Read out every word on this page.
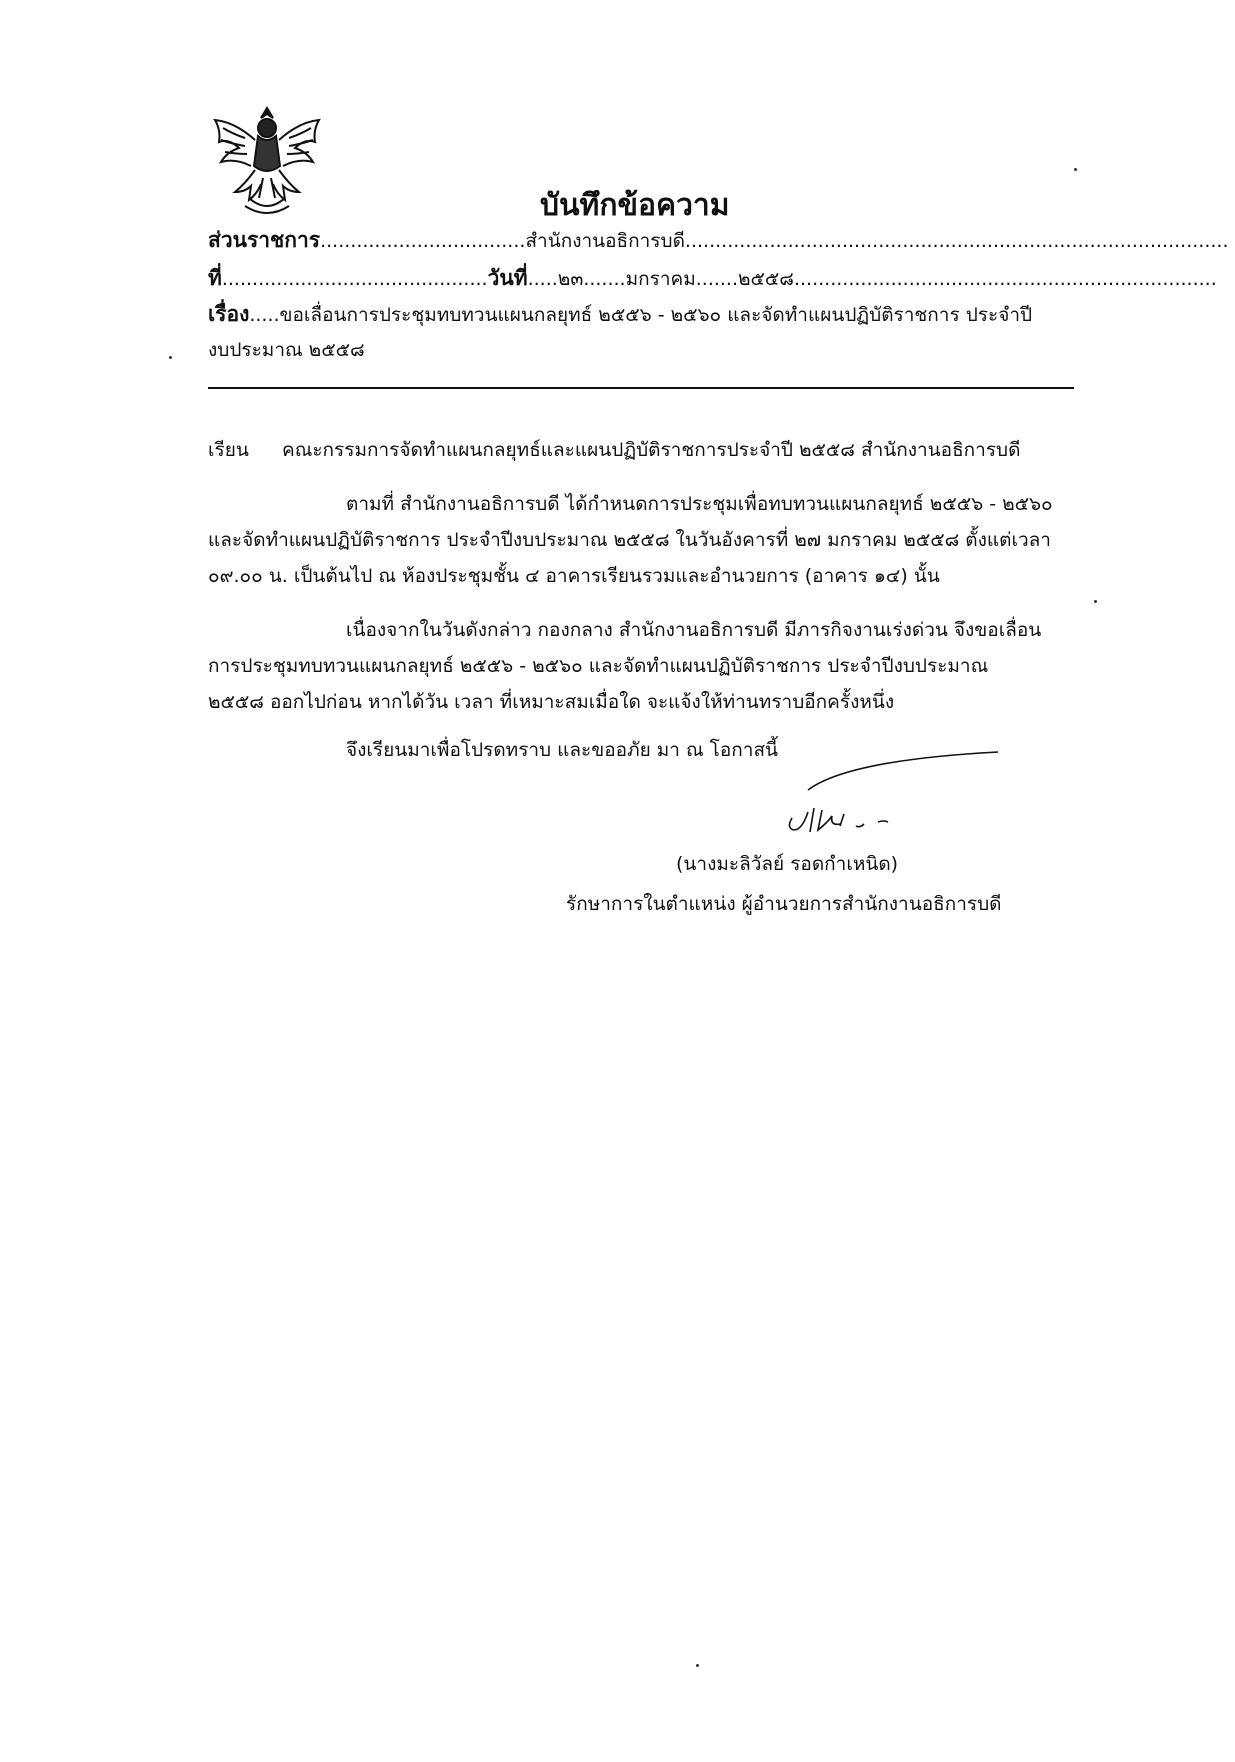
บันทึกข้อความ
ส่วนราชการ..................................สำนักงานอธิการบดี..........................................................................................
ที่............................................วันที่.....๒๓.......มกราคม.......๒๕๕๘......................................................................
เรื่อง.....ขอเลื่อนการประชุมทบทวนแผนกลยุทธ์ ๒๕๕๖ - ๒๕๖๐ และจัดทำแผนปฏิบัติราชการ ประจำปี
งบประมาณ ๒๕๕๘
เรียน คณะกรรมการจัดทำแผนกลยุทธ์และแผนปฏิบัติราชการประจำปี ๒๕๕๘ สำนักงานอธิการบดี
ตามที่ สำนักงานอธิการบดี ได้กำหนดการประชุมเพื่อทบทวนแผนกลยุทธ์ ๒๕๕๖ - ๒๕๖๐
และจัดทำแผนปฏิบัติราชการ ประจำปีงบประมาณ ๒๕๕๘ ในวันอังคารที่ ๒๗ มกราคม ๒๕๕๘ ตั้งแต่เวลา
๐๙.๐๐ น. เป็นต้นไป ณ ห้องประชุมชั้น ๔ อาคารเรียนรวมและอำนวยการ (อาคาร ๑๔) นั้น
เนื่องจากในวันดังกล่าว กองกลาง สำนักงานอธิการบดี มีภารกิจงานเร่งด่วน จึงขอเลื่อน
การประชุมทบทวนแผนกลยุทธ์ ๒๕๕๖ - ๒๕๖๐ และจัดทำแผนปฏิบัติราชการ ประจำปีงบประมาณ
๒๕๕๘ ออกไปก่อน หากได้วัน เวลา ที่เหมาะสมเมื่อใด จะแจ้งให้ท่านทราบอีกครั้งหนึ่ง
จึงเรียนมาเพื่อโปรดทราบ และขออภัย มา ณ โอกาสนี้
(นางมะลิวัลย์ รอดกำเหนิด)
รักษาการในตำแหน่ง ผู้อำนวยการสำนักงานอธิการบดี
